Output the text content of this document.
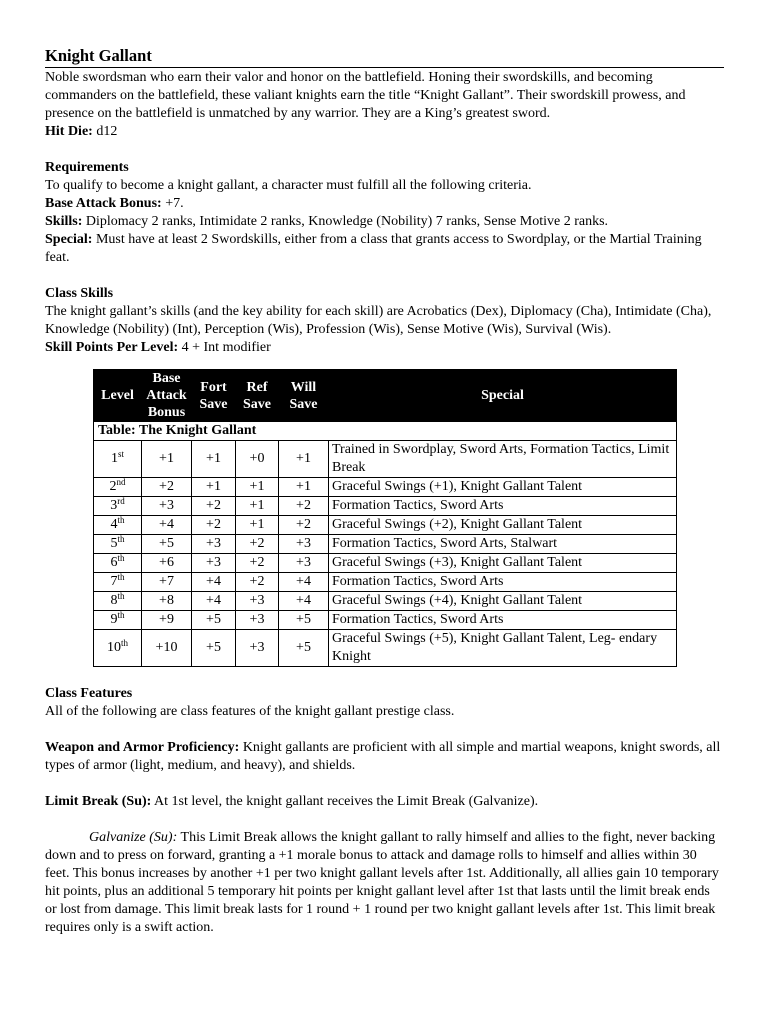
Knight Gallant

Noble swordsman who earn their valor and honor on the battlefield. Honing their swordskills, and becoming commanders on the battlefield, these valiant knights earn the title “Knight Gallant”. Their swordskill prowess, and presence on the battlefield is unmatched by any warrior. They are a King’s greatest sword.

Hit Die: d12

Requirements

To qualify to become a knight gallant, a character must fulfill all the following criteria.

Base Attack Bonus: +7.

Skills: Diplomacy 2 ranks, Intimidate 2 ranks, Knowledge (Nobility) 7 ranks, Sense Motive 2 ranks.

Special: Must have at least 2 Swordskills, either from a class that grants access to Swordplay, or the Martial Training feat.

Class Skills

The knight gallant’s skills (and the key ability for each skill) are Acrobatics (Dex), Diplomacy (Cha), Intimidate (Cha), Knowledge (Nobility) (Int), Perception (Wis), Profession (Wis), Sense Motive (Wis), Survival (Wis).

Skill Points Per Level: 4 + Int modifier

Table: The Knight Gallant					
Level	Base Attack Bonus	Fort Save	Ref Save	Will Save	Special
1st	+1	+1	+0	+1	Trained in Swordplay, Sword Arts, Formation Tactics, Limit Break
2nd	+2	+1	+1	+1	Graceful Swings (+1), Knight Gallant Talent
3rd	+3	+2	+1	+2	Formation Tactics, Sword Arts
4th	+4	+2	+1	+2	Graceful Swings (+2), Knight Gallant Talent
5th	+5	+3	+2	+3	Formation Tactics, Sword Arts, Stalwart
6th	+6	+3	+2	+3	Graceful Swings (+3), Knight Gallant Talent
7th	+7	+4	+2	+4	Formation Tactics, Sword Arts
8th	+8	+4	+3	+4	Graceful Swings (+4), Knight Gallant Talent
9th	+9	+5	+3	+5	Formation Tactics, Sword Arts
10th	+10	+5	+3	+5	Graceful Swings (+5), Knight Gallant Talent, Leg- endary Knight

Class Features

All of the following are class features of the knight gallant prestige class.

Weapon and Armor Proficiency: Knight gallants are proficient with all simple and martial weapons, knight swords, all types of armor (light, medium, and heavy), and shields.

Limit Break (Su): At 1st level, the knight gallant receives the Limit Break (Galvanize).

Galvanize (Su): This Limit Break allows the knight gallant to rally himself and allies to the fight, never backing down and to press on forward, granting a +1 morale bonus to attack and damage rolls to himself and allies within 30 feet. This bonus increases by another +1 per two knight gallant levels after 1st. Additionally, all allies gain 10 temporary hit points, plus an additional 5 temporary hit points per knight gallant level after 1st that lasts until the limit break ends or lost from damage. This limit break lasts for 1 round + 1 round per two knight gallant levels after 1st. This limit break requires only is a swift action.
